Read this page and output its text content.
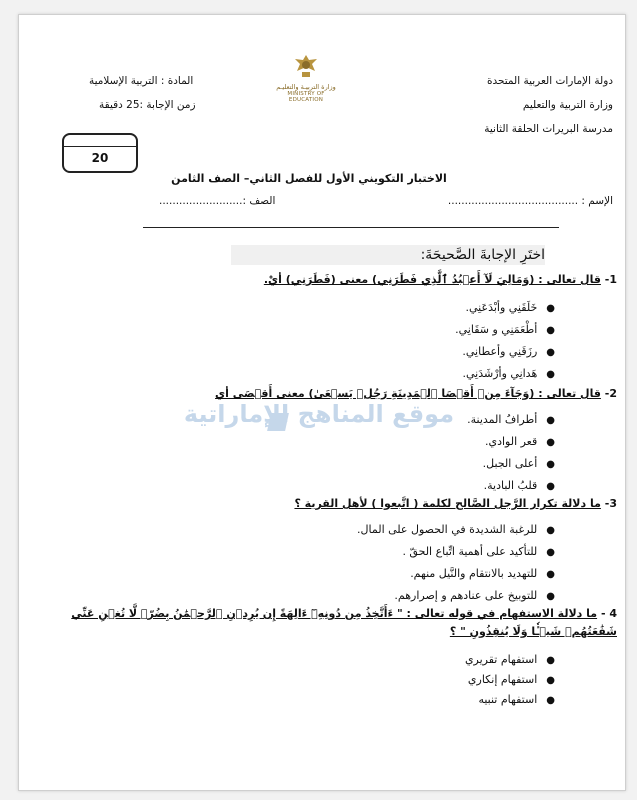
دولة الإمارات العربية المتحدة
وزارة التربية والتعليم
مدرسة البريرات الحلقة الثانية
المادة : التربية الإسلامية
زمن الإجابة :25 دقيقة
وزارة التربيـة والتعليـم
MINISTRY OF EDUCATION
20
الاختبار التكويني الأول للفصل الثاني– الصف الثامن
الإسم : .......................................
الصف :.........................
اختَرِ الإجابةَ الصَّحيحَةَ:
موقع المناهج الإماراتية
1- قال تعالى : (وَمَالِيَ لَآ أَعۡبُدُ ٱلَّذِي فَطَرَنِي) معنى (فَطَرَنِي) أيْ.
●خَلَقَنِي وأبْدَعَنِي.
●أطْعَمَنِي و سَقَانِي.
●رزَقَنِي وأعطانِي.
●هَدانِي وأرْشَدَنِي.
2- قال تعالى : (وَجَآءَ مِنۡ أَقۡصَا ٱلۡمَدِينَةِ رَجُلٞ يَسۡعَىٰ) معنى أَقۡصَى أي
●أطرافُ المدينة.
●قعر الوادي.
●أعلى الجبل.
●قلبُ البادية.
3- ما دلالة تكرار الرَّجل الصَّالح لكلمة ( اتَّبعوا ) لأهل القرية ؟
●للرغبة الشديدة في الحصول على المال.
●للتأكيد على أهمية اتِّباع الحقّ .
●للتهديد بالانتقام والنَّيل منهم.
●للتوبيخ على عنادهم و إصرارهم.
4 - ما دلالة الاستفهام في قوله تعالى : " ءَأَتَّخِذُ مِن دُونِهِۦٓ ءَالِهَةً إِن يُرِدۡنِ ٱلرَّحۡمَٰنُ بِضُرّٖ لَّا تُغۡنِ عَنِّي
شَفَٰعَتُهُمۡ شَيۡـٔٗا وَلَا يُنقِذُونِ " ؟
●استفهام تقريري
●استفهام إنكاري
●استفهام تنبيه
